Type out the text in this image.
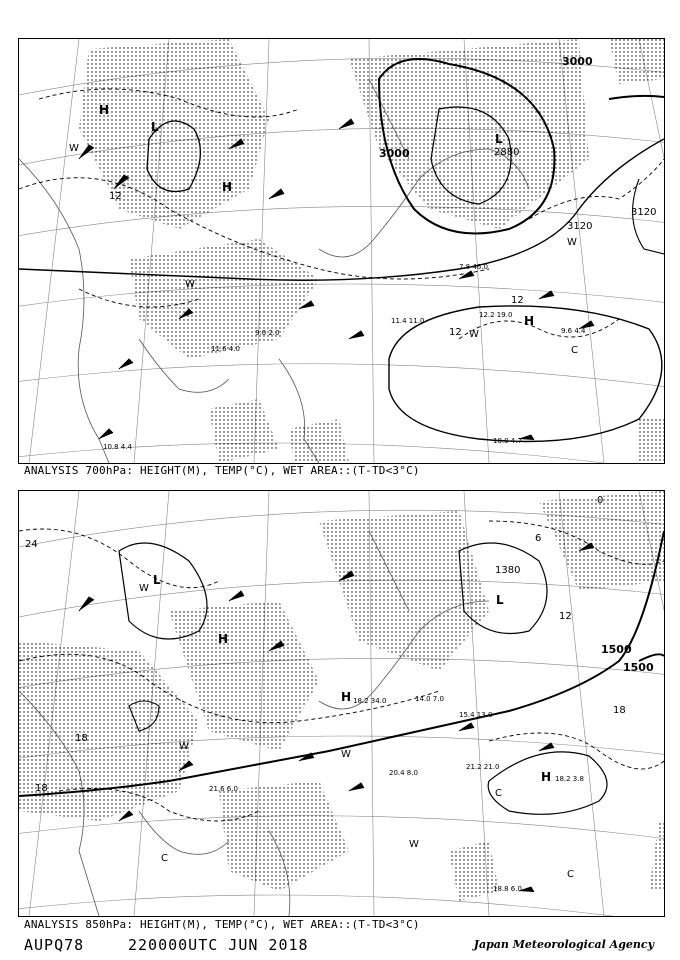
3000
3000
2880
3120
3120
12
12
12
H
L
H
L
H
C
W
W
W
W
10.0 4.7
9.6 4.4
12.2 19.0
11.4 11.0
7.8 46.0
10.8 4.4
11.6 4.0
9.0 2.0
ANALYSIS 700hPa: HEIGHT(M), TEMP(°C), WET AREA::(T-TD<3°C)
1500
1500
1380
24
18
18
18
12
6
0
L
H
H
L
H
C
C
C
W
W
W
W
21.2 21.0
18.2 3.8
18.8 6.0
20.4 8.0
21.6 6.0
18.2 34.0
15.4 13.0
14.0 7.0
ANALYSIS 850hPa: HEIGHT(M), TEMP(°C), WET AREA::(T-TD<3°C)
AUPQ78	220000UTC JUN 2018	Japan Meteorological Agency
